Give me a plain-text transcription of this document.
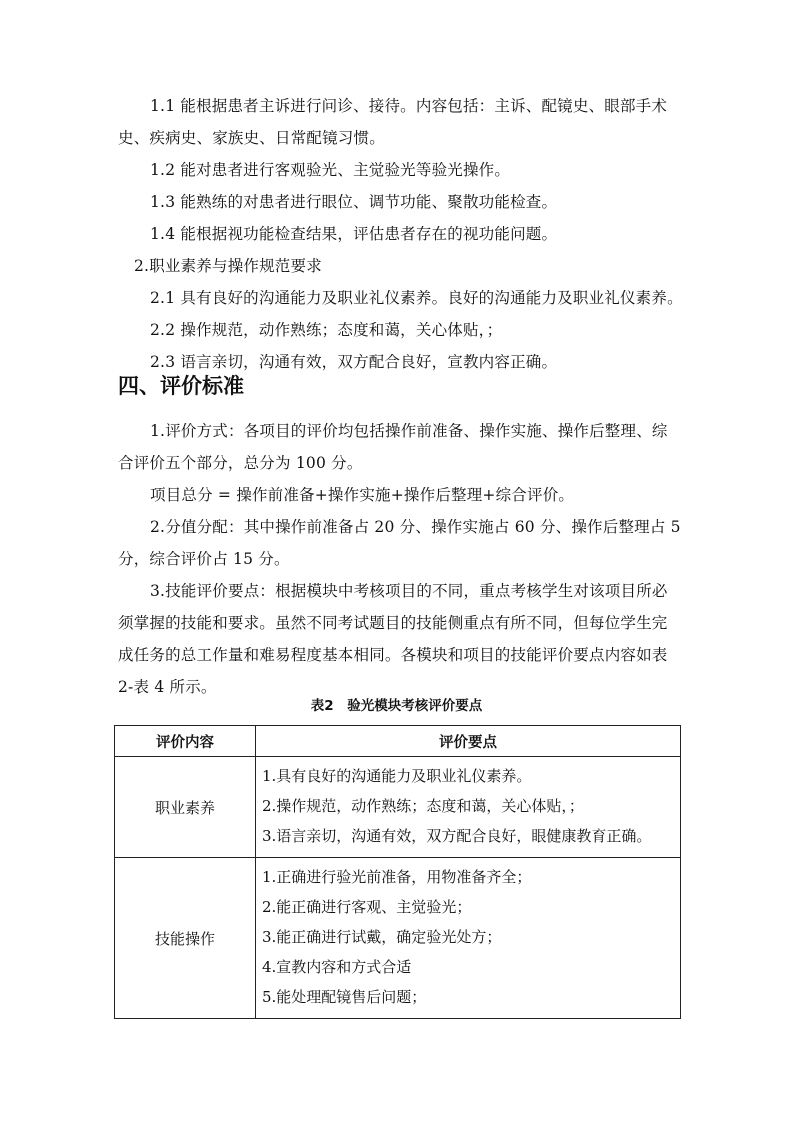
1.1 能根据患者主诉进行问诊、接待。内容包括：主诉、配镜史、眼部手术
史、疾病史、家族史、日常配镜习惯。
1.2 能对患者进行客观验光、主觉验光等验光操作。
1.3 能熟练的对患者进行眼位、调节功能、聚散功能检查。
1.4 能根据视功能检查结果，评估患者存在的视功能问题。
2.职业素养与操作规范要求
2.1 具有良好的沟通能力及职业礼仪素养。良好的沟通能力及职业礼仪素养。
2.2 操作规范，动作熟练；态度和蔼，关心体贴，；
2.3 语言亲切，沟通有效，双方配合良好，宣教内容正确。
四、评价标准
1.评价方式：各项目的评价均包括操作前准备、操作实施、操作后整理、综
合评价五个部分，总分为 100 分。
项目总分 = 操作前准备+操作实施+操作后整理+综合评价。
2.分值分配：其中操作前准备占 20 分、操作实施占 60 分、操作后整理占 5
分，综合评价占 15 分。
3.技能评价要点：根据模块中考核项目的不同，重点考核学生对该项目所必
须掌握的技能和要求。虽然不同考试题目的技能侧重点有所不同，但每位学生完
成任务的总工作量和难易程度基本相同。各模块和项目的技能评价要点内容如表
2-表 4 所示。
表2　验光模块考核评价要点
评价内容	评价要点
职业素养	1.具有良好的沟通能力及职业礼仪素养。
2.操作规范，动作熟练；态度和蔼，关心体贴，；
3.语言亲切，沟通有效，双方配合良好，眼健康教育正确。

技能操作	1.正确进行验光前准备，用物准备齐全；
2.能正确进行客观、主觉验光；
3.能正确进行试戴，确定验光处方；
4.宣教内容和方式合适
5.能处理配镜售后问题；
